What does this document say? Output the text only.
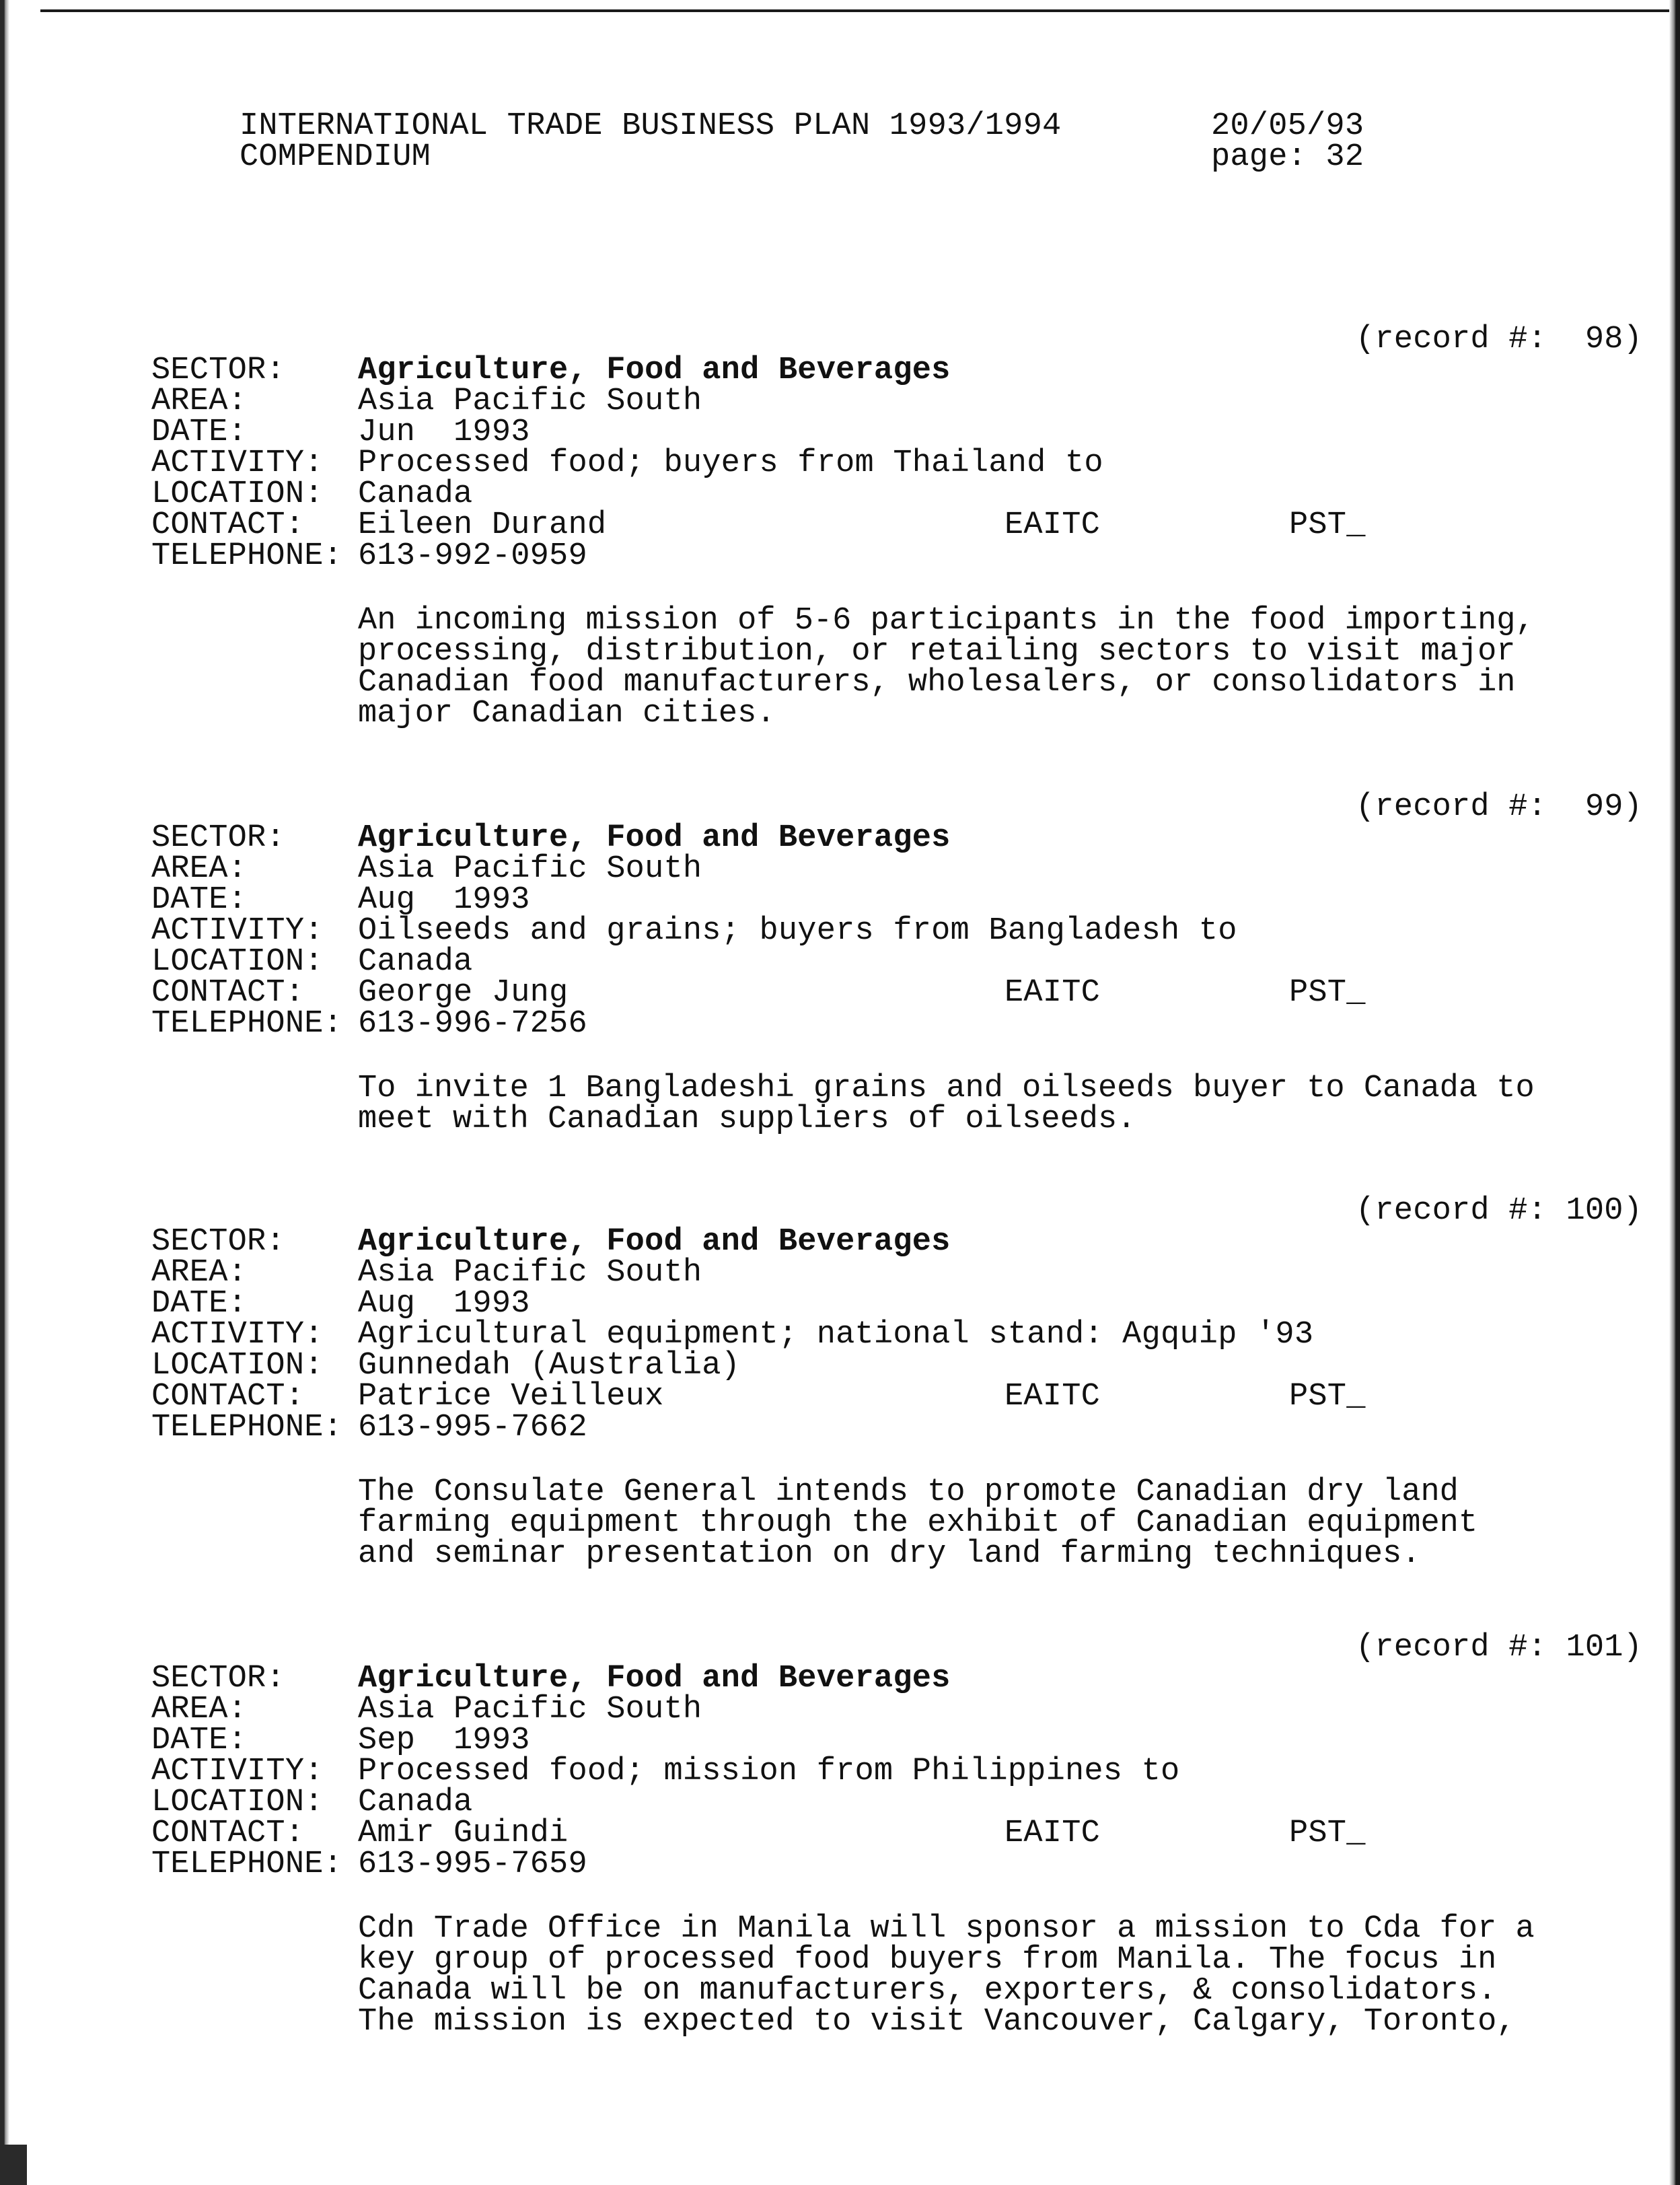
INTERNATIONAL TRADE BUSINESS PLAN 1993/1994
COMPENDIUM
20/05/93
page: 32
(record #:  98)
SECTOR: Agriculture, Food and Beverages
AREA:	Asia Pacific South
DATE:	Jun  1993
ACTIVITY: Processed food; buyers from Thailand to
LOCATION: Canada
CONTACT: Eileen Durand	EAITC	PST_
TELEPHONE: 613-992-0959
An incoming mission of 5-6 participants in the food importing,
processing, distribution, or retailing sectors to visit major
Canadian food manufacturers, wholesalers, or consolidators in
major Canadian cities.
(record #:  99)
SECTOR: Agriculture, Food and Beverages
AREA:	Asia Pacific South
DATE:	Aug  1993
ACTIVITY: Oilseeds and grains; buyers from Bangladesh to
LOCATION: Canada
CONTACT: George Jung	EAITC	PST_
TELEPHONE: 613-996-7256
To invite 1 Bangladeshi grains and oilseeds buyer to Canada to
meet with Canadian suppliers of oilseeds.
(record #: 100)
SECTOR: Agriculture, Food and Beverages
AREA:	Asia Pacific South
DATE:	Aug  1993
ACTIVITY: Agricultural equipment; national stand: Agquip '93
LOCATION: Gunnedah (Australia)
CONTACT: Patrice Veilleux	EAITC	PST_
TELEPHONE: 613-995-7662
The Consulate General intends to promote Canadian dry land
farming equipment through the exhibit of Canadian equipment
and seminar presentation on dry land farming techniques.
(record #: 101)
SECTOR: Agriculture, Food and Beverages
AREA:	Asia Pacific South
DATE:	Sep  1993
ACTIVITY: Processed food; mission from Philippines to
LOCATION: Canada
CONTACT: Amir Guindi	EAITC	PST_
TELEPHONE: 613-995-7659
Cdn Trade Office in Manila will sponsor a mission to Cda for a
key group of processed food buyers from Manila. The focus in
Canada will be on manufacturers, exporters, & consolidators.
The mission is expected to visit Vancouver, Calgary, Toronto,
